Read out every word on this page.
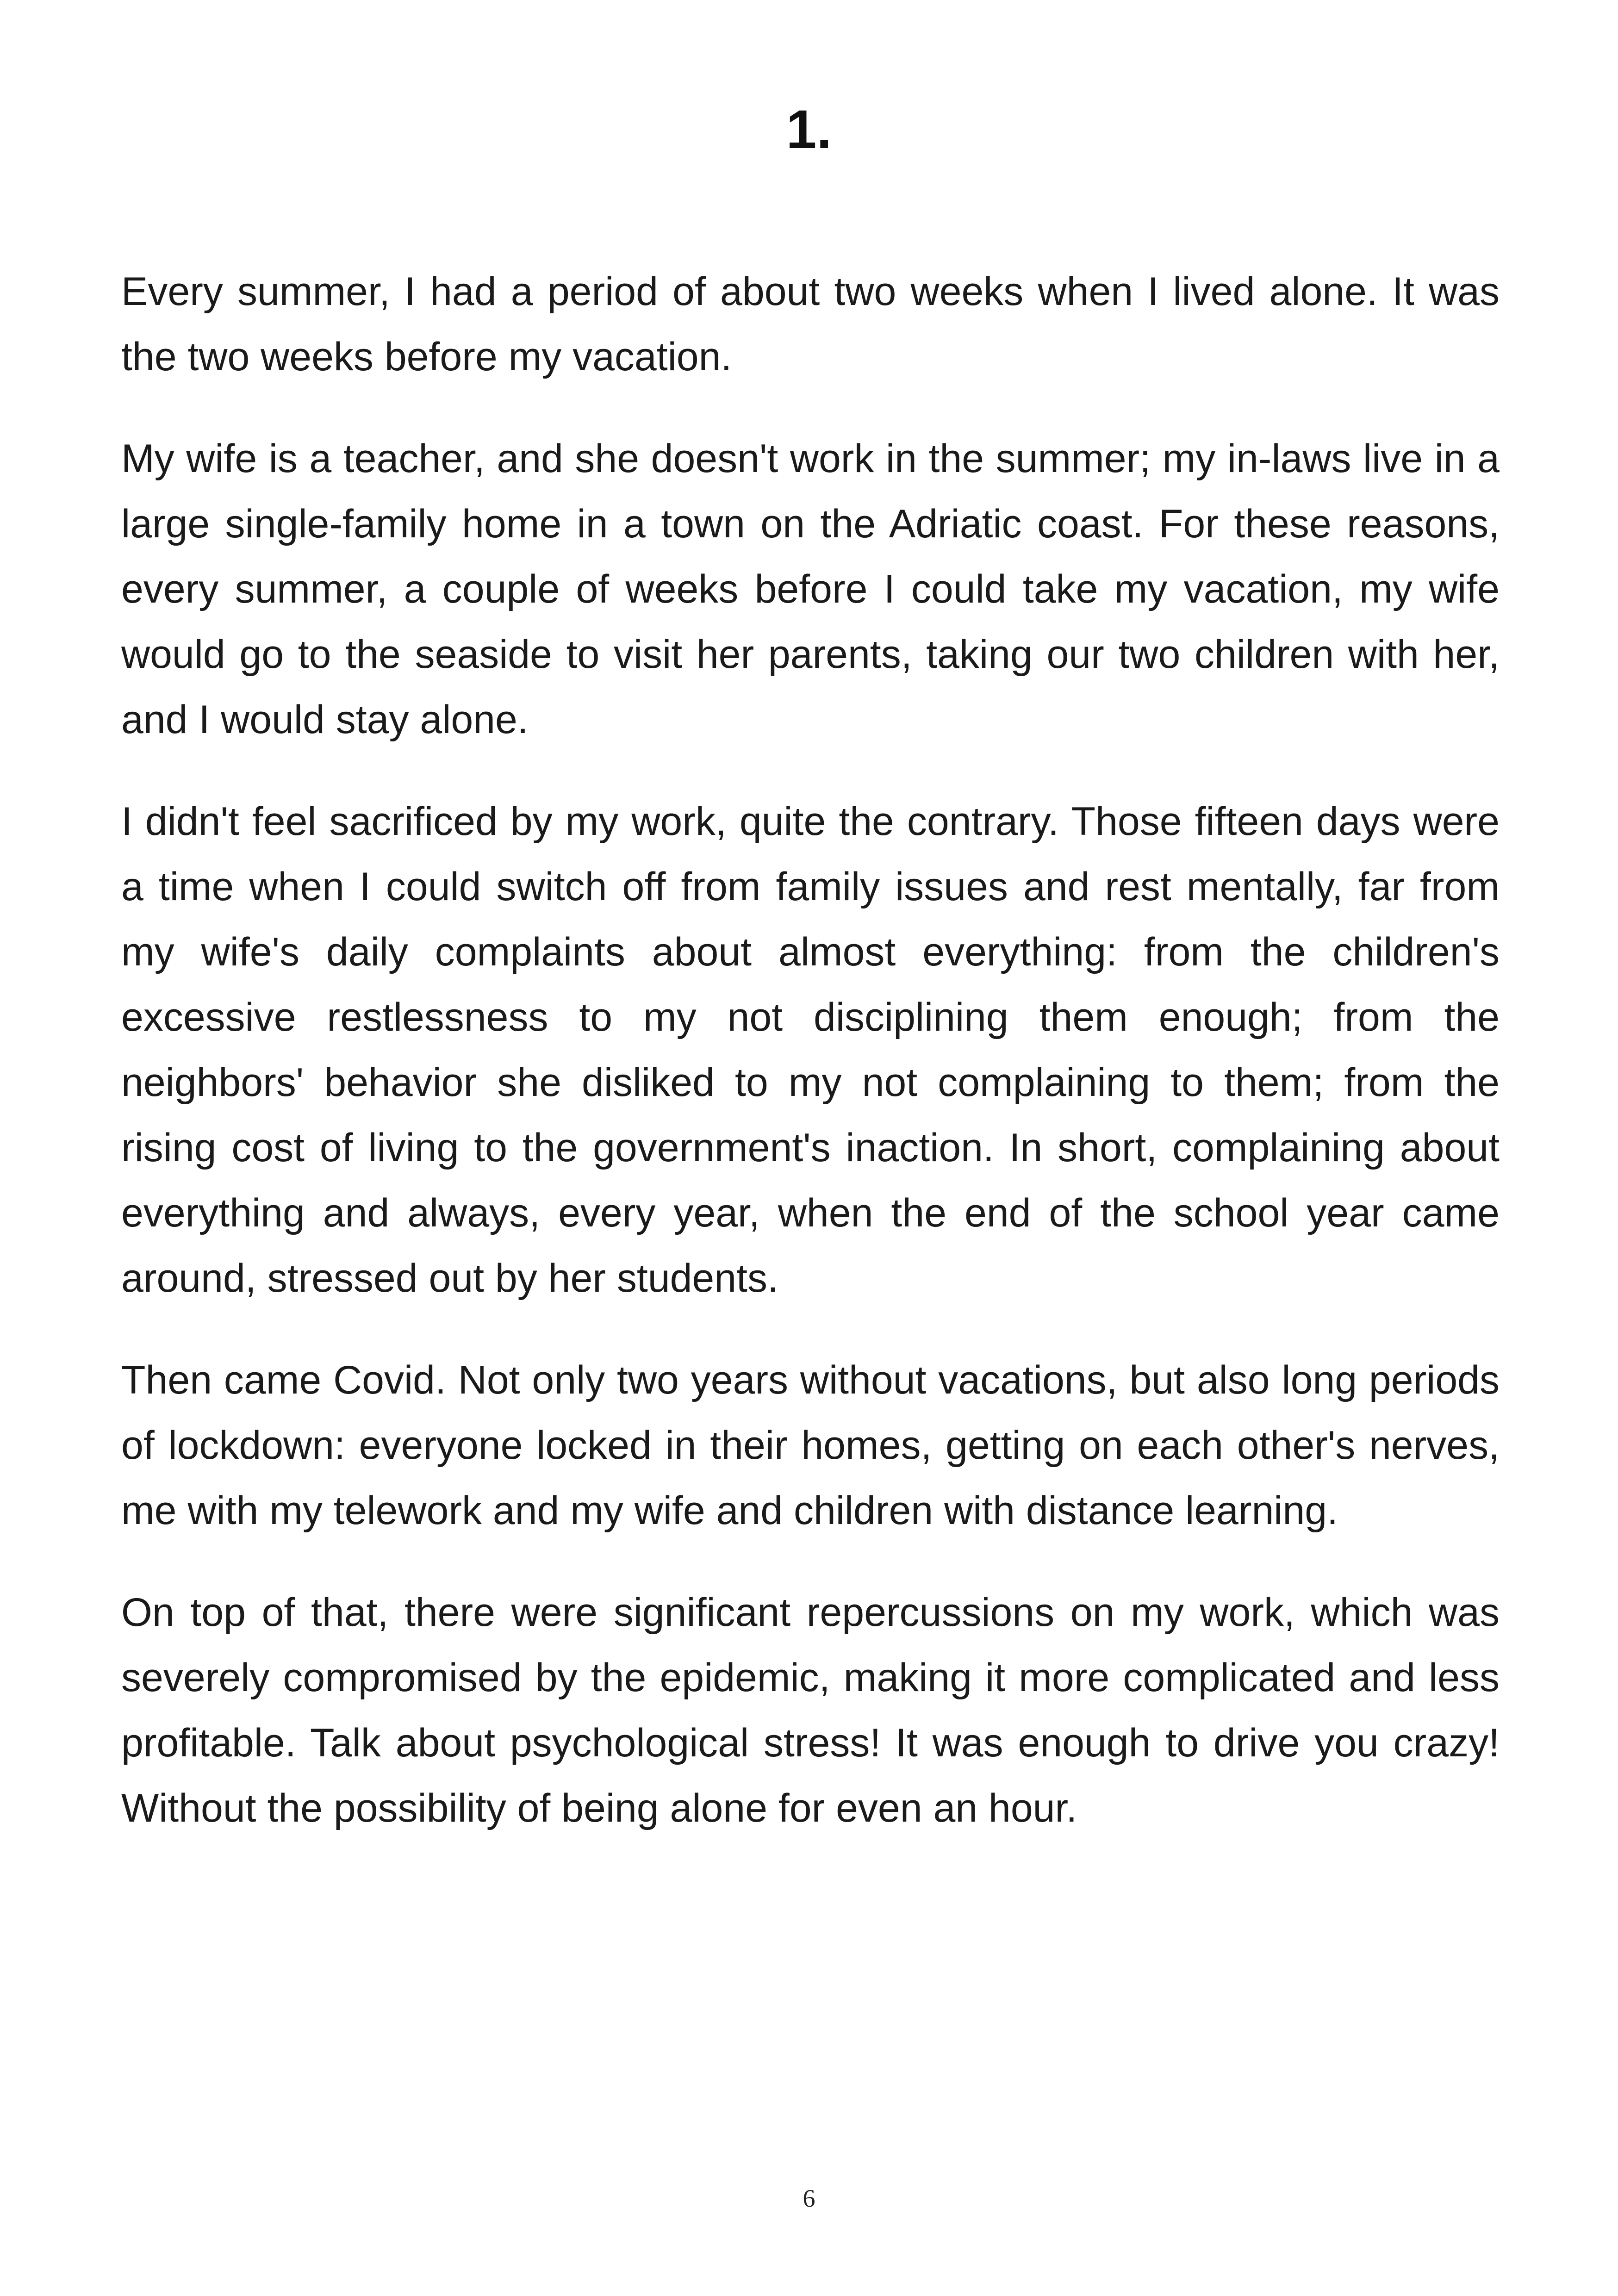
1.

Every summer, I had a period of about two weeks when I lived alone. It was the two weeks before my vacation.

My wife is a teacher, and she doesn't work in the summer; my in-laws live in a large single-family home in a town on the Adriatic coast. For these reasons, every summer, a couple of weeks before I could take my vacation, my wife would go to the seaside to visit her parents, taking our two children with her, and I would stay alone.

I didn't feel sacrificed by my work, quite the contrary. Those fifteen days were a time when I could switch off from family issues and rest mentally, far from my wife's daily complaints about almost everything: from the children's excessive restlessness to my not disciplining them enough; from the neighbors' behavior she disliked to my not complaining to them; from the rising cost of living to the government's inaction. In short, complaining about everything and always, every year, when the end of the school year came around, stressed out by her students.

Then came Covid. Not only two years without vacations, but also long periods of lockdown: everyone locked in their homes, getting on each other's nerves, me with my telework and my wife and children with distance learning.

On top of that, there were significant repercussions on my work, which was severely compromised by the epidemic, making it more complicated and less profitable. Talk about psychological stress! It was enough to drive you crazy! Without the possibility of being alone for even an hour.

6
